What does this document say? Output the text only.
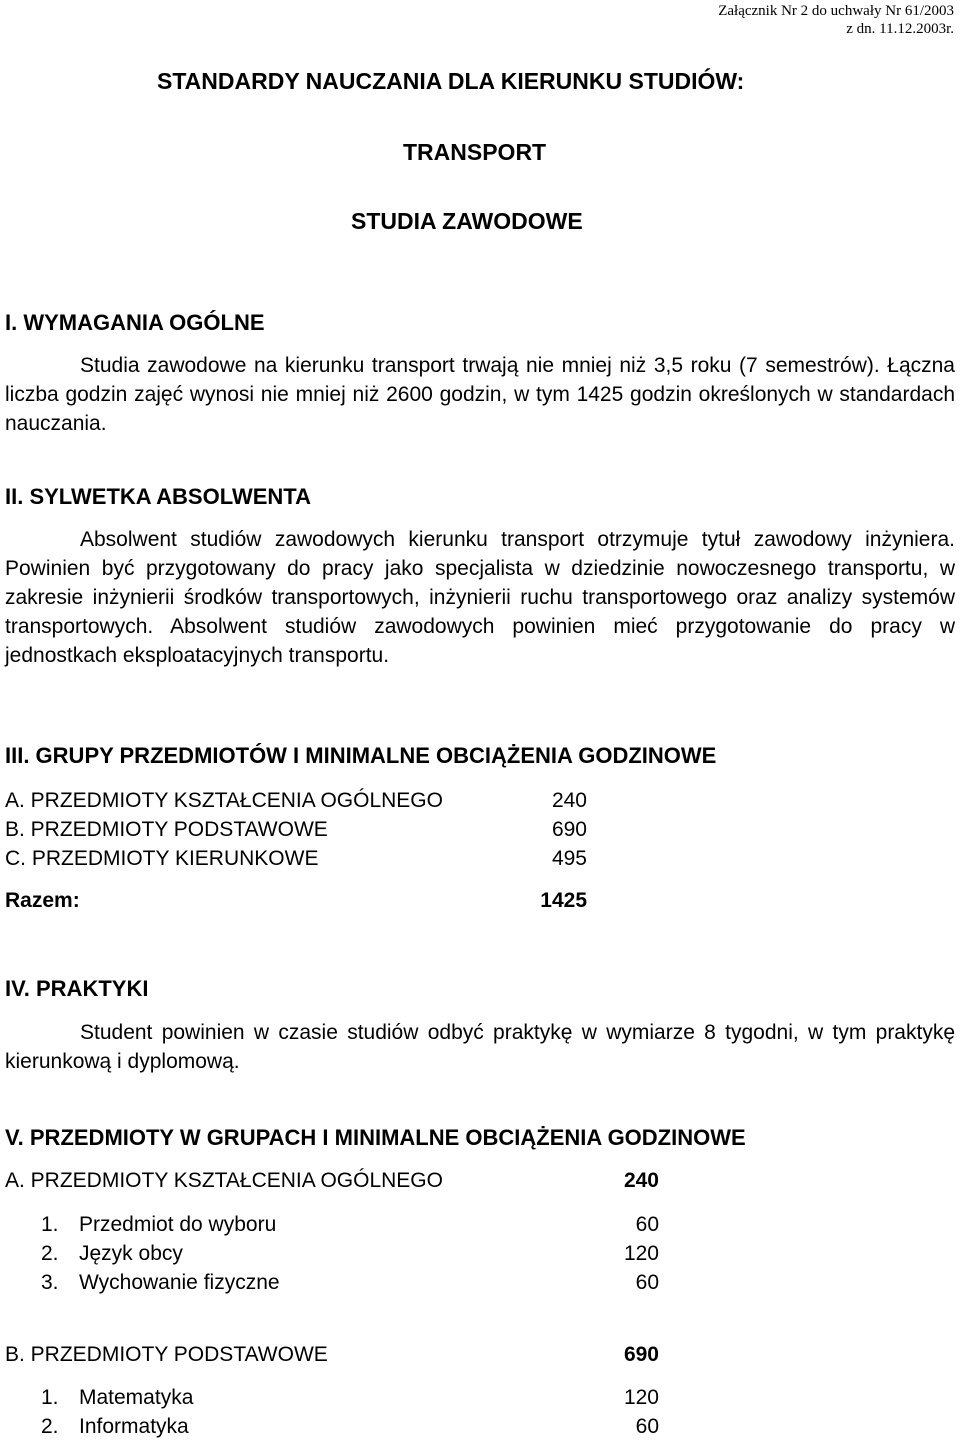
Załącznik Nr 2 do uchwały Nr 61/2003
z dn. 11.12.2003r.
STANDARDY NAUCZANIA DLA KIERUNKU STUDIÓW:
TRANSPORT
STUDIA ZAWODOWE
I. WYMAGANIA OGÓLNE

Studia zawodowe na kierunku transport trwają nie mniej niż 3,5 roku (7 semestrów). Łączna liczba godzin zajęć wynosi nie mniej niż 2600 godzin, w tym 1425 godzin określonych w standardach nauczania.

II. SYLWETKA ABSOLWENTA

Absolwent studiów zawodowych kierunku transport otrzymuje tytuł zawodowy inżyniera. Powinien być przygotowany do pracy jako specjalista w dziedzinie nowoczesnego transportu, w zakresie inżynierii środków transportowych, inżynierii ruchu transportowego oraz analizy systemów transportowych. Absolwent studiów zawodowych powinien mieć przygotowanie do pracy w jednostkach eksploatacyjnych transportu.

III. GRUPY PRZEDMIOTÓW I MINIMALNE OBCIĄŻENIA GODZINOWE
A. PRZEDMIOTY KSZTAŁCENIA OGÓLNEGO	240
B. PRZEDMIOTY PODSTAWOWE	690
C. PRZEDMIOTY KIERUNKOWE	495
Razem:	1425
IV. PRAKTYKI

Student powinien w czasie studiów odbyć praktykę w wymiarze 8 tygodni, w tym praktykę kierunkową i dyplomową.

V. PRZEDMIOTY W GRUPACH I MINIMALNE OBCIĄŻENIA GODZINOWE
A. PRZEDMIOTY KSZTAŁCENIA OGÓLNEGO	240
1. Przedmiot do wyboru	60
2. Język obcy	120
3. Wychowanie fizyczne	60
B. PRZEDMIOTY PODSTAWOWE	690
1. Matematyka	120
2. Informatyka	60
